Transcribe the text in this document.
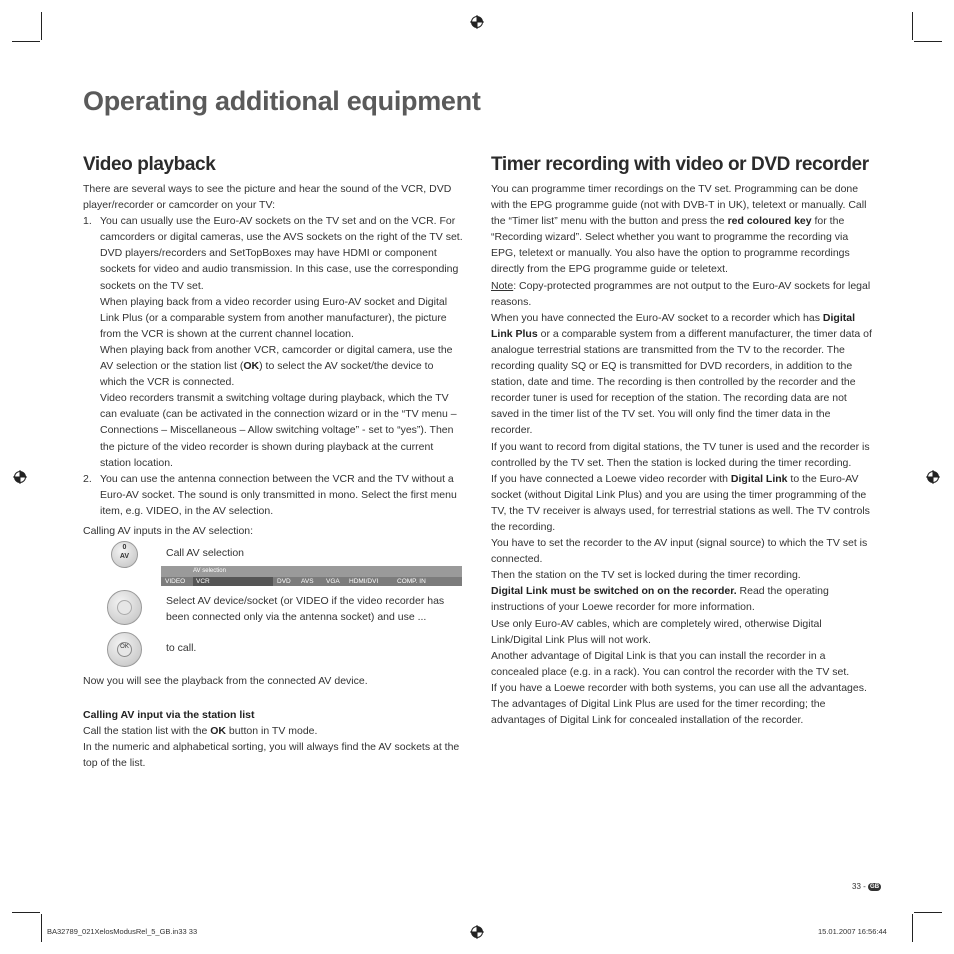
Operating additional equipment
Video playback

There are several ways to see the picture and hear the sound of the VCR, DVD player/recorder or camcorder on your TV:

1. You can usually use the Euro-AV sockets on the TV set and on the VCR. For camcorders or digital cameras, use the AVS sockets on the right of the TV set. DVD players/recorders and SetTopBoxes may have HDMI or component sockets for video and audio transmission. In this case, use the corresponding sockets on the TV set.

When playing back from a video recorder using Euro-AV socket and Digital Link Plus (or a comparable system from another manufacturer), the picture from the VCR is shown at the current channel location.

When playing back from another VCR, camcorder or digital camera, use the AV selection or the station list (OK) to select the AV socket/the device to which the VCR is connected.

Video recorders transmit a switching voltage during playback, which the TV can evaluate (can be activated in the connection wizard or in the “TV menu – Connections – Miscellaneous – Allow switching voltage” - set to “yes”). Then the picture of the video recorder is shown during playback at the current station location.

2. You can use the antenna connection between the VCR and the TV without a Euro-AV socket. The sound is only transmitted in mono. Select the first menu item, e.g. VIDEO, in the AV selection.

Calling AV inputs in the AV selection:

0
AV	Call AV selection
AV selection
VIDEO VCR	DVD AVS VGA HDMI/DVI	COMP. IN
Select AV device/socket (or VIDEO if the video recorder has been connected only via the antenna socket) and use ...
OK	to call.

Now you will see the playback from the connected AV device.

Calling AV input via the station list

Call the station list with the OK button in TV mode.

In the numeric and alphabetical sorting, you will always find the AV sockets at the top of the list.

Timer recording with video or DVD recorder

You can programme timer recordings on the TV set. Programming can be done with the EPG programme guide (not with DVB-T in UK), teletext or manually. Call the “Timer list” menu with the button and press the red coloured key for the “Recording wizard”. Select whether you want to programme the recording via EPG, teletext or manually. You also have the option to programme recordings directly from the EPG programme guide or teletext.

Note: Copy-protected programmes are not output to the Euro-AV sockets for legal reasons.

When you have connected the Euro-AV socket to a recorder which has Digital Link Plus or a comparable system from a different manufacturer, the timer data of analogue terrestrial stations are transmitted from the TV to the recorder. The recording quality SQ or EQ is transmitted for DVD recorders, in addition to the station, date and time. The recording is then controlled by the recorder and the recorder tuner is used for reception of the station. The recording data are not saved in the timer list of the TV set. You will only find the timer data in the recorder.

If you want to record from digital stations, the TV tuner is used and the recorder is controlled by the TV set. Then the station is locked during the timer recording.

If you have connected a Loewe video recorder with Digital Link to the Euro-AV socket (without Digital Link Plus) and you are using the timer programming of the TV, the TV receiver is always used, for terrestrial stations as well. The TV controls the recording.

You have to set the recorder to the AV input (signal source) to which the TV set is connected.

Then the station on the TV set is locked during the timer recording.

Digital Link must be switched on on the recorder. Read the operating instructions of your Loewe recorder for more information.

Use only Euro-AV cables, which are completely wired, otherwise Digital Link/Digital Link Plus will not work.

Another advantage of Digital Link is that you can install the recorder in a concealed place (e.g. in a rack). You can control the recorder with the TV set.

If you have a Loewe recorder with both systems, you can use all the advantages. The advantages of Digital Link Plus are used for the timer recording; the advantages of Digital Link for concealed installation of the recorder.

33 - GB
BA32789_021XelosModusRel_5_GB.in33 33	15.01.2007 16:56:44
